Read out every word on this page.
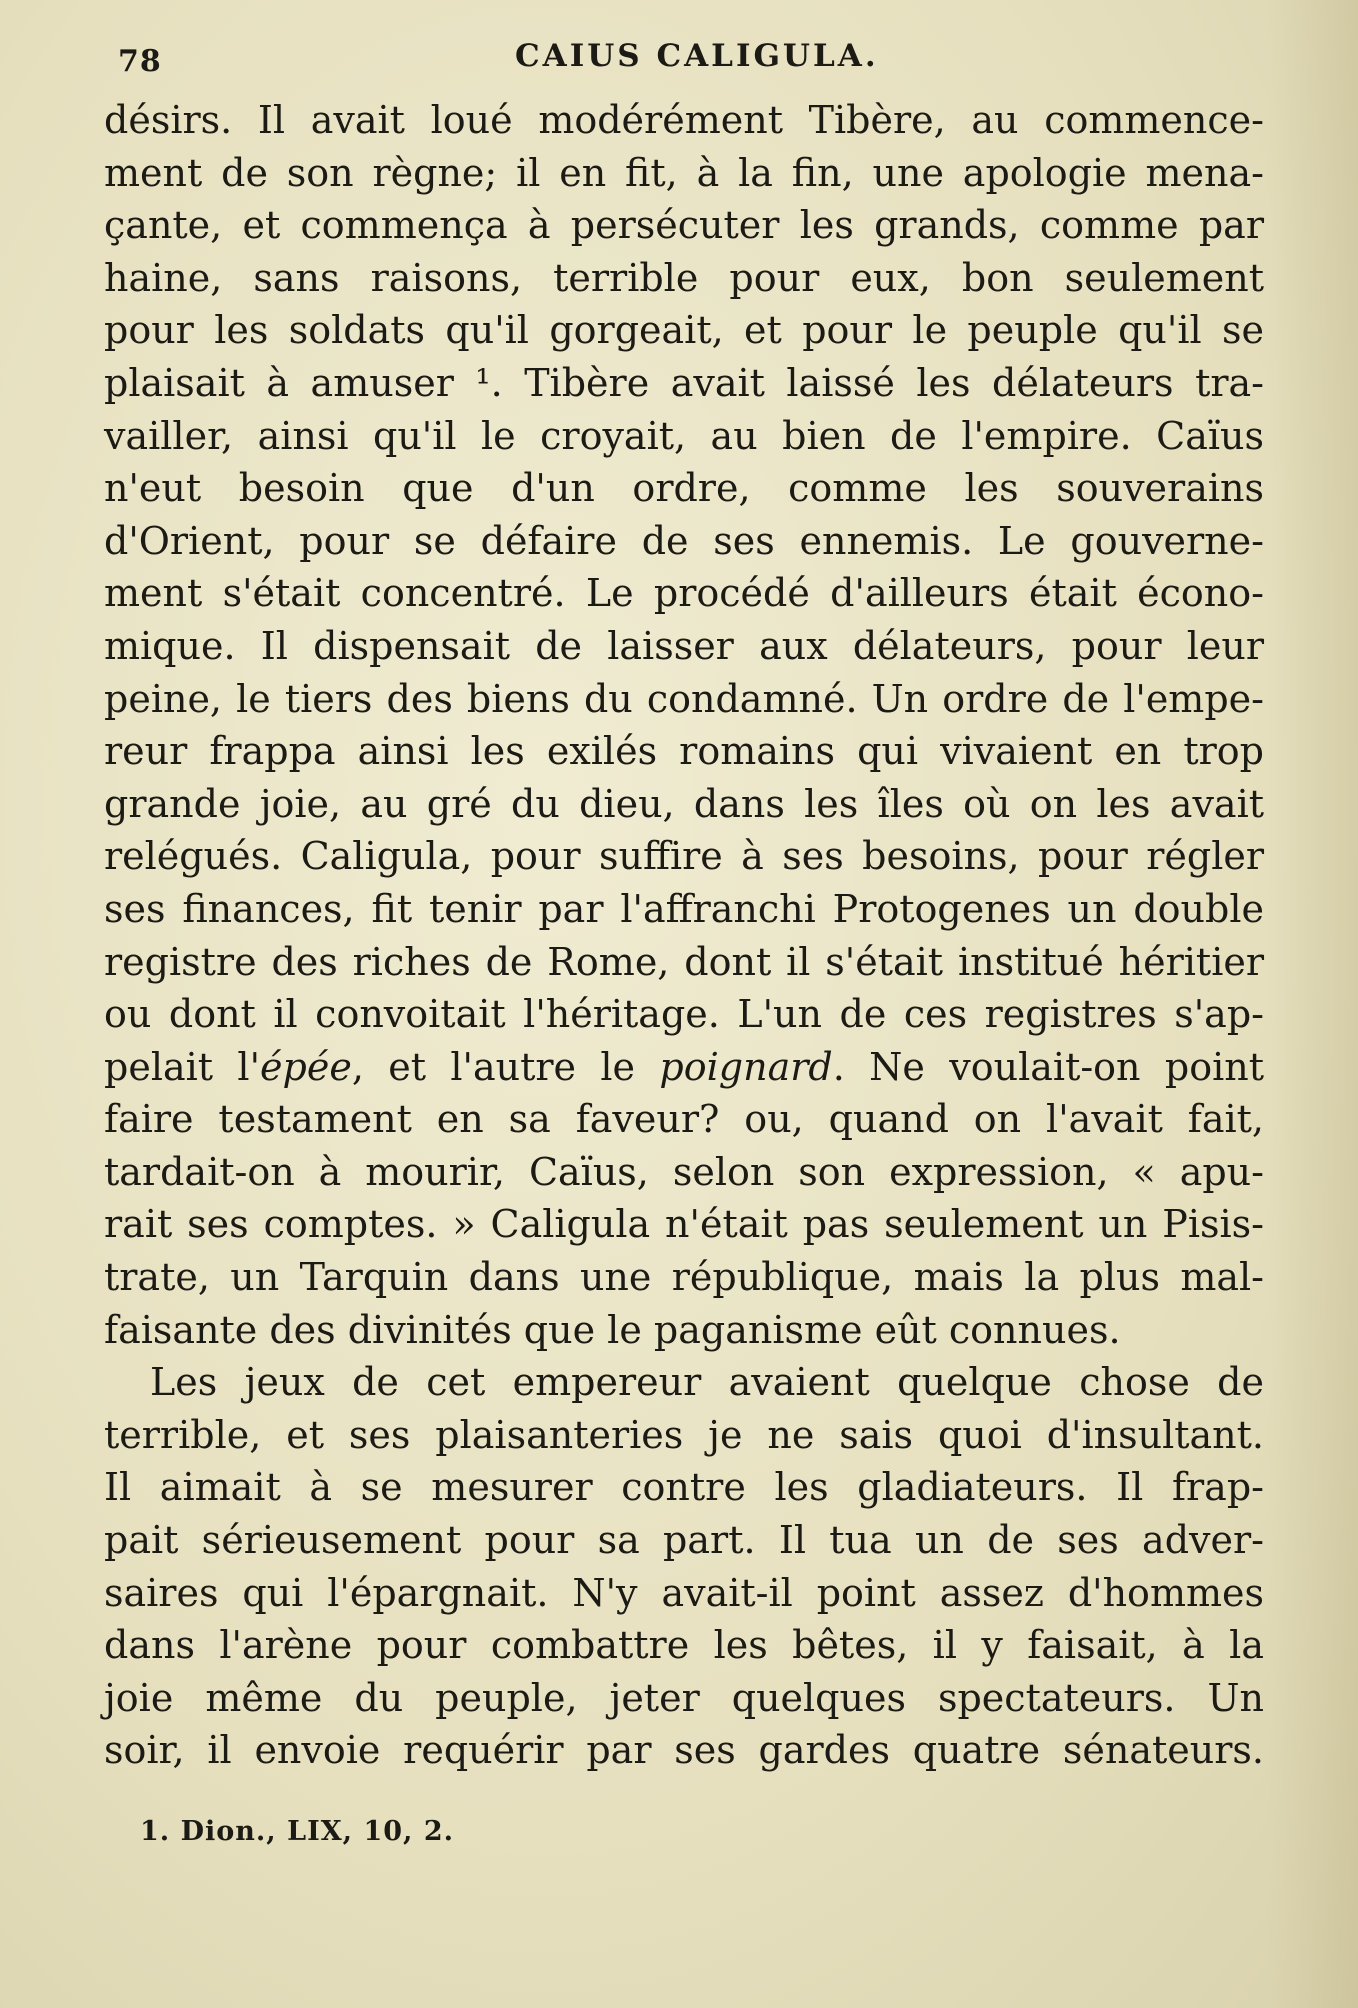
78	CAIUS CALIGULA.
désirs. Il avait loué modérément Tibère, au commence-
ment de son règne; il en fit, à la fin, une apologie mena-
çante, et commença à persécuter les grands, comme par
haine, sans raisons, terrible pour eux, bon seulement
pour les soldats qu'il gorgeait, et pour le peuple qu'il se
plaisait à amuser ¹. Tibère avait laissé les délateurs tra-
vailler, ainsi qu'il le croyait, au bien de l'empire. Caïus
n'eut besoin que d'un ordre, comme les souverains
d'Orient, pour se défaire de ses ennemis. Le gouverne-
ment s'était concentré. Le procédé d'ailleurs était écono-
mique. Il dispensait de laisser aux délateurs, pour leur
peine, le tiers des biens du condamné. Un ordre de l'empe-
reur frappa ainsi les exilés romains qui vivaient en trop
grande joie, au gré du dieu, dans les îles où on les avait
relégués. Caligula, pour suffire à ses besoins, pour régler
ses finances, fit tenir par l'affranchi Protogenes un double
registre des riches de Rome, dont il s'était institué héritier
ou dont il convoitait l'héritage. L'un de ces registres s'ap-
pelait l'épée, et l'autre le poignard. Ne voulait-on point
faire testament en sa faveur? ou, quand on l'avait fait,
tardait-on à mourir, Caïus, selon son expression, « apu-
rait ses comptes. » Caligula n'était pas seulement un Pisis-
trate, un Tarquin dans une république, mais la plus mal-
faisante des divinités que le paganisme eût connues.
Les jeux de cet empereur avaient quelque chose de
terrible, et ses plaisanteries je ne sais quoi d'insultant.
Il aimait à se mesurer contre les gladiateurs. Il frap-
pait sérieusement pour sa part. Il tua un de ses adver-
saires qui l'épargnait. N'y avait-il point assez d'hommes
dans l'arène pour combattre les bêtes, il y faisait, à la
joie même du peuple, jeter quelques spectateurs. Un
soir, il envoie requérir par ses gardes quatre sénateurs.
1. Dion., LIX, 10, 2.
